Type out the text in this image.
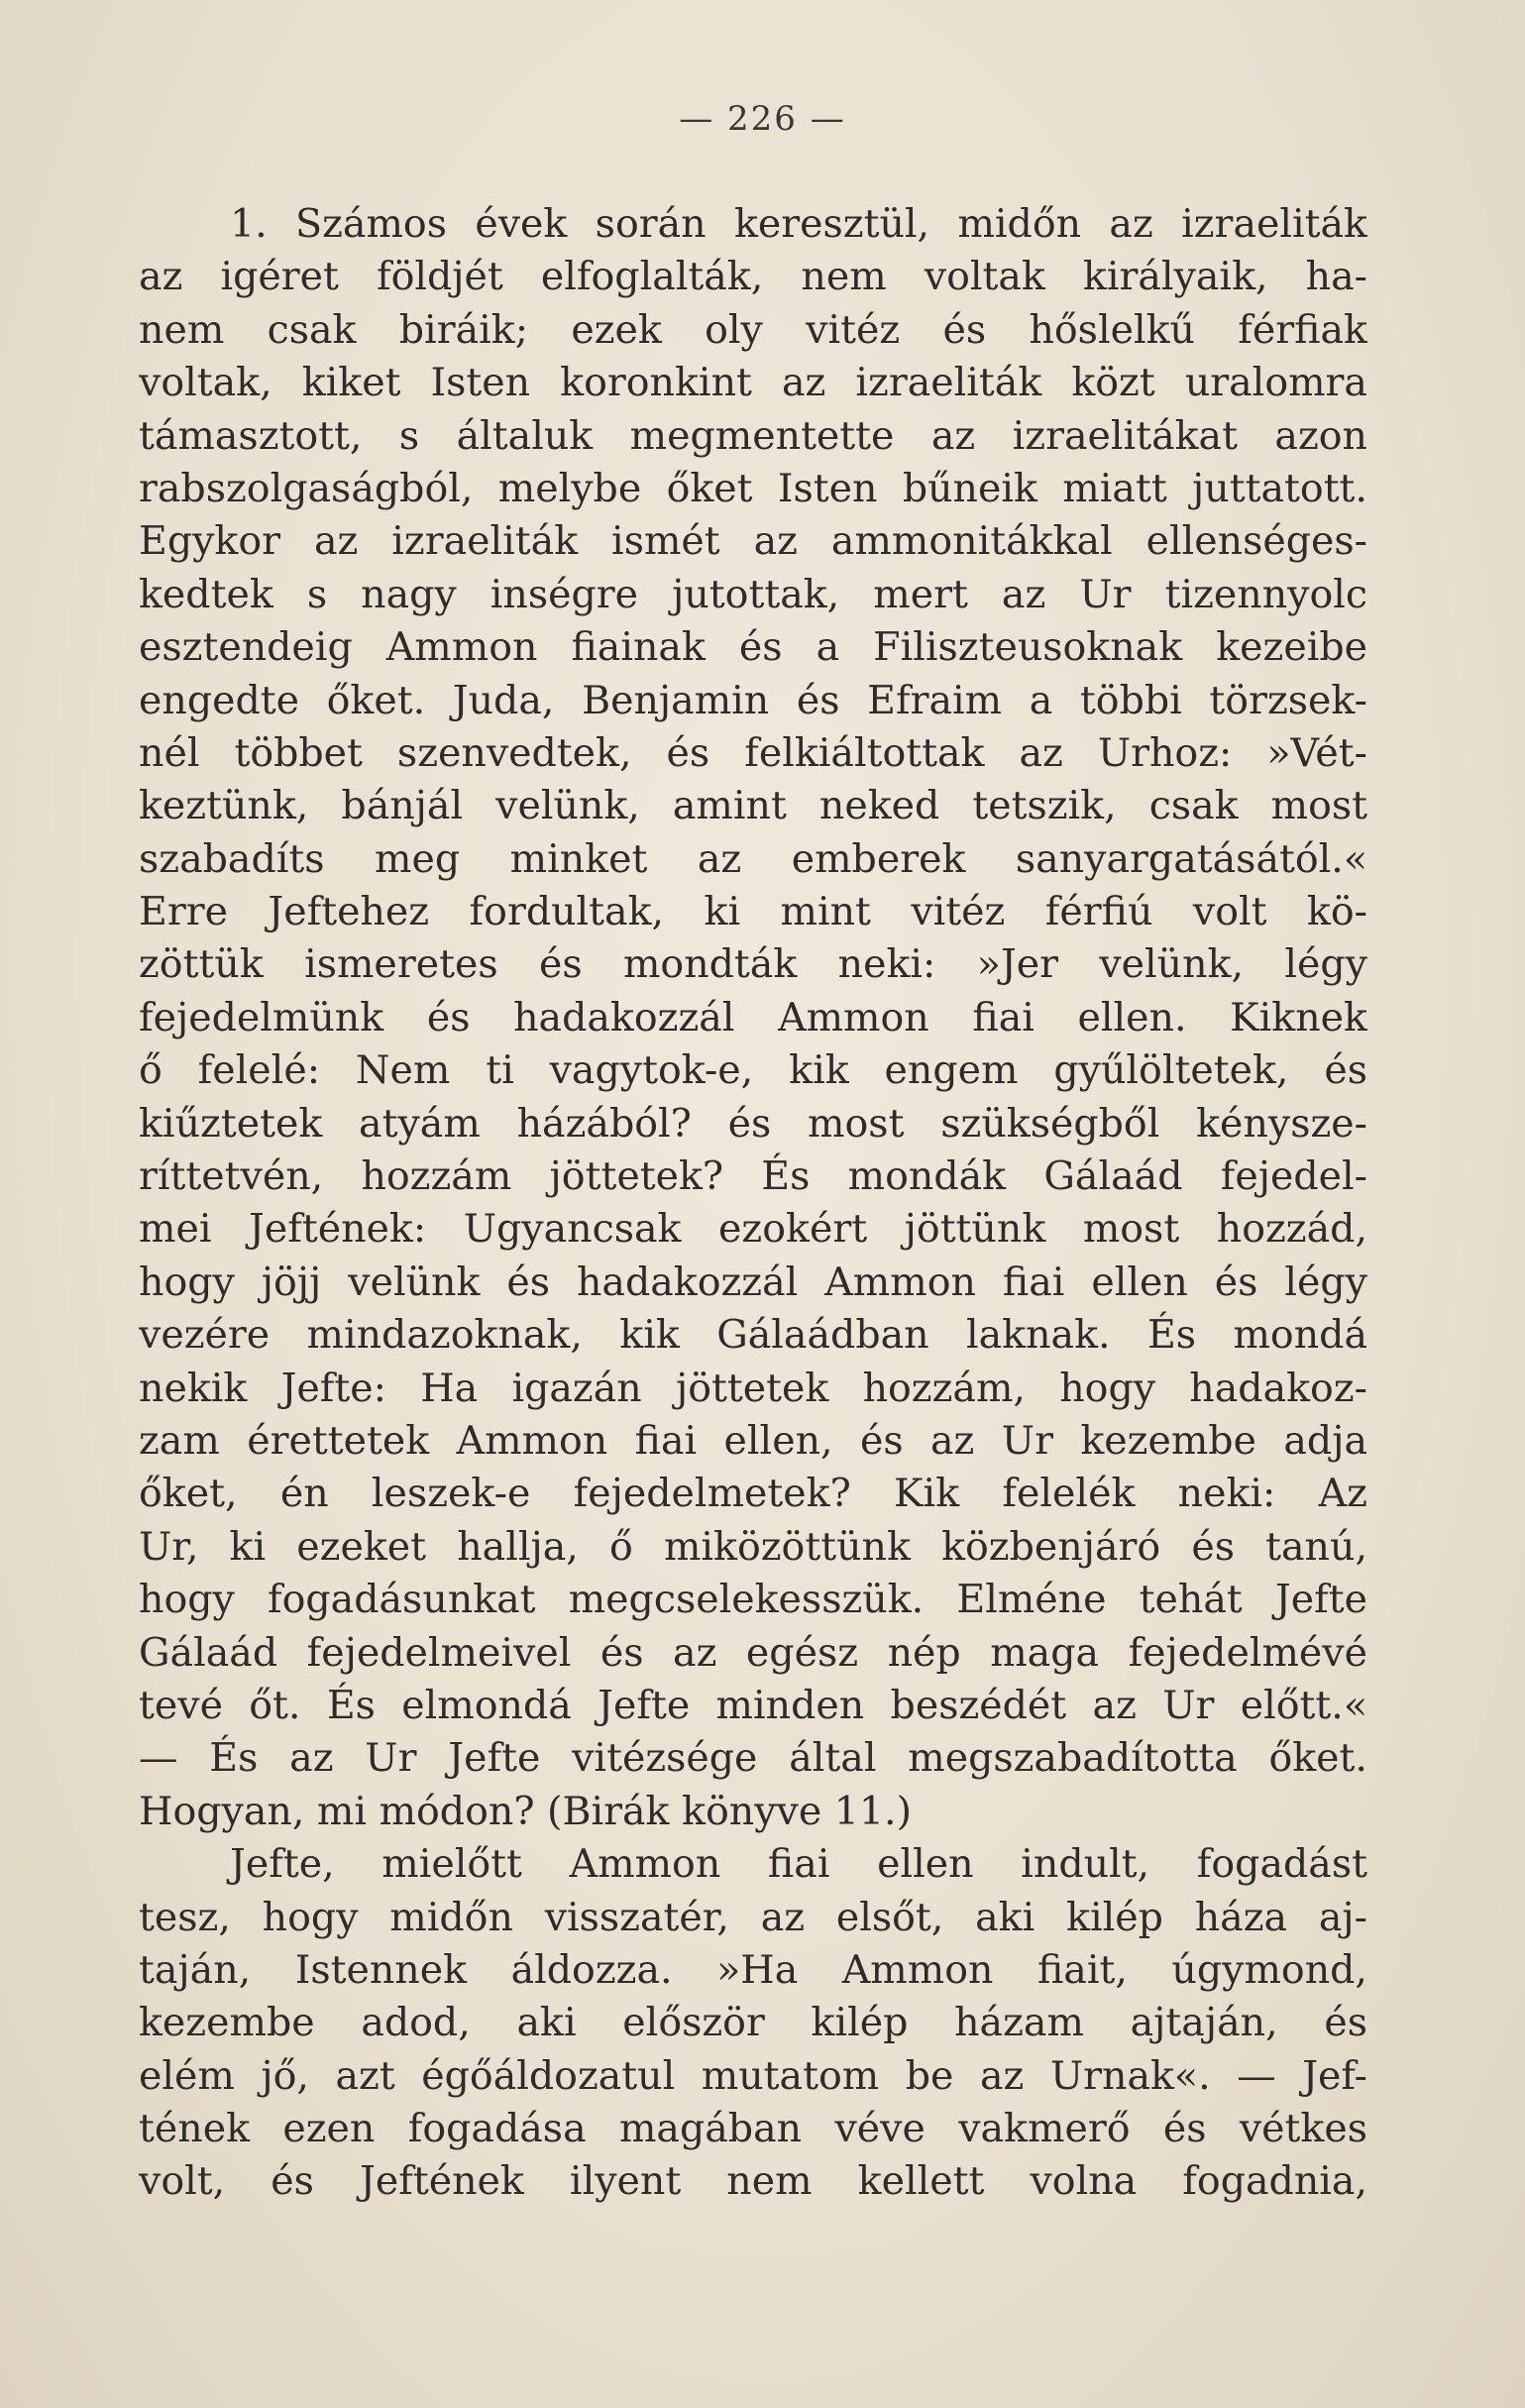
— 226 —
1. Számos évek során keresztül, midőn az izraeliták
az igéret földjét elfoglalták, nem voltak királyaik, ha-
nem csak biráik; ezek oly vitéz és hőslelkű férfiak
voltak, kiket Isten koronkint az izraeliták közt uralomra
támasztott, s általuk megmentette az izraelitákat azon
rabszolgaságból, melybe őket Isten bűneik miatt juttatott.
Egykor az izraeliták ismét az ammonitákkal ellenséges-
kedtek s nagy inségre jutottak, mert az Ur tizennyolc
esztendeig Ammon fiainak és a Filiszteusoknak kezeibe
engedte őket. Juda, Benjamin és Efraim a többi törzsek-
nél többet szenvedtek, és felkiáltottak az Urhoz: »Vét-
keztünk, bánjál velünk, amint neked tetszik, csak most
szabadíts meg minket az emberek sanyargatásától.«
Erre Jeftehez fordultak, ki mint vitéz férfiú volt kö-
zöttük ismeretes és mondták neki: »Jer velünk, légy
fejedelmünk és hadakozzál Ammon fiai ellen. Kiknek
ő felelé: Nem ti vagytok-e, kik engem gyűlöltetek, és
kiűztetek atyám házából? és most szükségből kénysze-
ríttetvén, hozzám jöttetek? És mondák Gálaád fejedel-
mei Jeftének: Ugyancsak ezokért jöttünk most hozzád,
hogy jöjj velünk és hadakozzál Ammon fiai ellen és légy
vezére mindazoknak, kik Gálaádban laknak. És mondá
nekik Jefte: Ha igazán jöttetek hozzám, hogy hadakoz-
zam érettetek Ammon fiai ellen, és az Ur kezembe adja
őket, én leszek-e fejedelmetek? Kik felelék neki: Az
Ur, ki ezeket hallja, ő miközöttünk közbenjáró és tanú,
hogy fogadásunkat megcselekesszük. Elméne tehát Jefte
Gálaád fejedelmeivel és az egész nép maga fejedelmévé
tevé őt. És elmondá Jefte minden beszédét az Ur előtt.«
— És az Ur Jefte vitézsége által megszabadította őket.
Hogyan, mi módon? (Birák könyve 11.)
Jefte, mielőtt Ammon fiai ellen indult, fogadást
tesz, hogy midőn visszatér, az elsőt, aki kilép háza aj-
taján, Istennek áldozza. »Ha Ammon fiait, úgymond,
kezembe adod, aki először kilép házam ajtaján, és
elém jő, azt égőáldozatul mutatom be az Urnak«. — Jef-
tének ezen fogadása magában véve vakmerő és vétkes
volt, és Jeftének ilyent nem kellett volna fogadnia,
